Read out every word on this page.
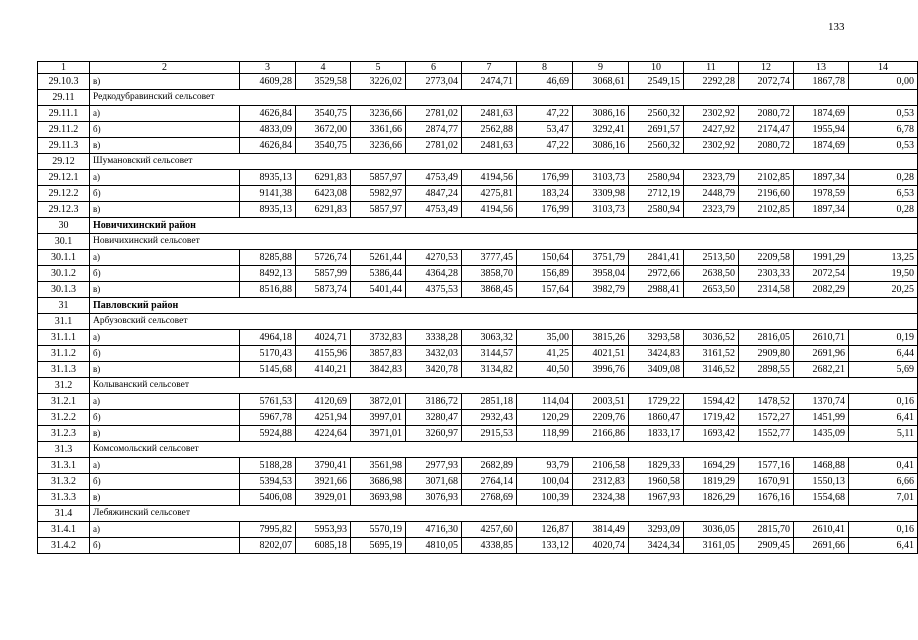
133
1	2	3	4	5	6	7	8	9	10	11	12	13	14
29.10.3	в)	4609,28	3529,58	3226,02	2773,04	2474,71	46,69	3068,61	2549,15	2292,28	2072,74	1867,78	0,00
29.11	Редкодубравинский сельсовет												
29.11.1	а)	4626,84	3540,75	3236,66	2781,02	2481,63	47,22	3086,16	2560,32	2302,92	2080,72	1874,69	0,53
29.11.2	б)	4833,09	3672,00	3361,66	2874,77	2562,88	53,47	3292,41	2691,57	2427,92	2174,47	1955,94	6,78
29.11.3	в)	4626,84	3540,75	3236,66	2781,02	2481,63	47,22	3086,16	2560,32	2302,92	2080,72	1874,69	0,53
29.12	Шумановский сельсовет												
29.12.1	а)	8935,13	6291,83	5857,97	4753,49	4194,56	176,99	3103,73	2580,94	2323,79	2102,85	1897,34	0,28
29.12.2	б)	9141,38	6423,08	5982,97	4847,24	4275,81	183,24	3309,98	2712,19	2448,79	2196,60	1978,59	6,53
29.12.3	в)	8935,13	6291,83	5857,97	4753,49	4194,56	176,99	3103,73	2580,94	2323,79	2102,85	1897,34	0,28
30	Новичихинский район												
30.1	Новичихинский сельсовет												
30.1.1	а)	8285,88	5726,74	5261,44	4270,53	3777,45	150,64	3751,79	2841,41	2513,50	2209,58	1991,29	13,25
30.1.2	б)	8492,13	5857,99	5386,44	4364,28	3858,70	156,89	3958,04	2972,66	2638,50	2303,33	2072,54	19,50
30.1.3	в)	8516,88	5873,74	5401,44	4375,53	3868,45	157,64	3982,79	2988,41	2653,50	2314,58	2082,29	20,25
31	Павловский район												
31.1	Арбузовский сельсовет												
31.1.1	а)	4964,18	4024,71	3732,83	3338,28	3063,32	35,00	3815,26	3293,58	3036,52	2816,05	2610,71	0,19
31.1.2	б)	5170,43	4155,96	3857,83	3432,03	3144,57	41,25	4021,51	3424,83	3161,52	2909,80	2691,96	6,44
31.1.3	в)	5145,68	4140,21	3842,83	3420,78	3134,82	40,50	3996,76	3409,08	3146,52	2898,55	2682,21	5,69
31.2	Колыванский сельсовет												
31.2.1	а)	5761,53	4120,69	3872,01	3186,72	2851,18	114,04	2003,51	1729,22	1594,42	1478,52	1370,74	0,16
31.2.2	б)	5967,78	4251,94	3997,01	3280,47	2932,43	120,29	2209,76	1860,47	1719,42	1572,27	1451,99	6,41
31.2.3	в)	5924,88	4224,64	3971,01	3260,97	2915,53	118,99	2166,86	1833,17	1693,42	1552,77	1435,09	5,11
31.3	Комсомольский сельсовет												
31.3.1	а)	5188,28	3790,41	3561,98	2977,93	2682,89	93,79	2106,58	1829,33	1694,29	1577,16	1468,88	0,41
31.3.2	б)	5394,53	3921,66	3686,98	3071,68	2764,14	100,04	2312,83	1960,58	1819,29	1670,91	1550,13	6,66
31.3.3	в)	5406,08	3929,01	3693,98	3076,93	2768,69	100,39	2324,38	1967,93	1826,29	1676,16	1554,68	7,01
31.4	Лебяжинский сельсовет												
31.4.1	а)	7995,82	5953,93	5570,19	4716,30	4257,60	126,87	3814,49	3293,09	3036,05	2815,70	2610,41	0,16
31.4.2	б)	8202,07	6085,18	5695,19	4810,05	4338,85	133,12	4020,74	3424,34	3161,05	2909,45	2691,66	6,41
